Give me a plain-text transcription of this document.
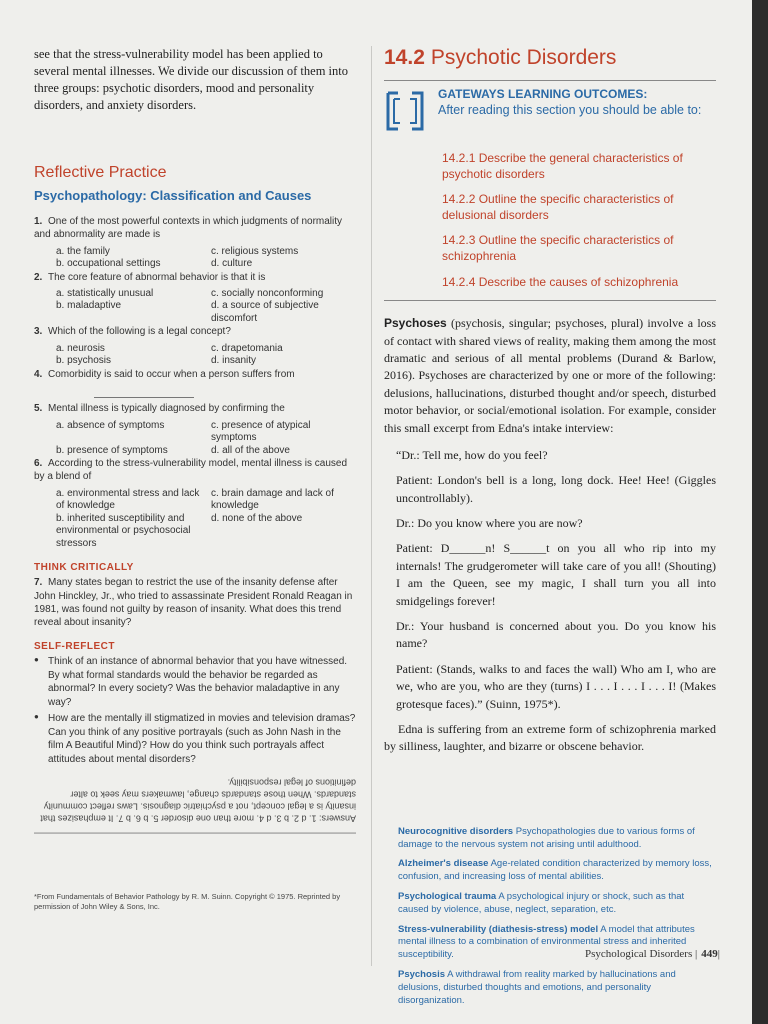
see that the stress-vulnerability model has been applied to several mental illnesses. We divide our discussion of them into three groups: psychotic disorders, mood and personality disorders, and anxiety disorders.

Reflective Practice
Psychopathology: Classification and Causes
1. One of the most powerful contexts in which judgments of normality and abnormality are made is
a. the family	c. religious systems
b. occupational settings	d. culture
2. The core feature of abnormal behavior is that it is
a. statistically unusual	c. socially nonconforming
b. maladaptive	d. a source of subjective discomfort
3. Which of the following is a legal concept?
a. neurosis	c. drapetomania
b. psychosis	d. insanity
4. Comorbidity is said to occur when a person suffers from
5. Mental illness is typically diagnosed by confirming the
a. absence of symptoms	c. presence of atypical symptoms
b. presence of symptoms	d. all of the above
6. According to the stress-vulnerability model, mental illness is caused by a blend of
a. environmental stress and lack of knowledge
c. brain damage and lack of knowledge
b. inherited susceptibility and environmental or psychosocial stressors
d. none of the above
THINK CRITICALLY
7. Many states began to restrict the use of the insanity defense after John Hinckley, Jr., who tried to assassinate President Ronald Reagan in 1981, was found not guilty by reason of insanity. What does this trend reveal about insanity?
SELF-REFLECT
● Think of an instance of abnormal behavior that you have witnessed. By what formal standards would the behavior be regarded as abnormal? In every society? Was the behavior maladaptive in any way?
● How are the mentally ill stigmatized in movies and television dramas? Can you think of any positive portrayals (such as John Nash in the film A Beautiful Mind)? How do you think such portrayals affect attitudes about mental disorders?
Answers: 1. d 2. b 3. d 4. more than one disorder 5. b 6. b 7. It emphasizes that insanity is a legal concept, not a psychiatric diagnosis. Laws reflect community standards. When those standards change, lawmakers may seek to alter definitions of legal responsibility.
*From Fundamentals of Behavior Pathology by R. M. Suinn. Copyright © 1975. Reprinted by permission of John Wiley & Sons, Inc.
14.2 Psychotic Disorders
GATEWAYS LEARNING OUTCOMES:
After reading this section you should be able to:
14.2.1 Describe the general characteristics of psychotic disorders
14.2.2 Outline the specific characteristics of delusional disorders
14.2.3 Outline the specific characteristics of schizophrenia
14.2.4 Describe the causes of schizophrenia

Psychoses (psychosis, singular; psychoses, plural) involve a loss of contact with shared views of reality, making them among the most dramatic and serious of all mental problems (Durand & Barlow, 2016). Psychoses are characterized by one or more of the following: delusions, hallucinations, disturbed thought and/or speech, disturbed motor behavior, or social/emotional isolation. For example, consider this small excerpt from Edna's intake interview:

“Dr.: Tell me, how do you feel?

Patient: London's bell is a long, long dock. Hee! Hee! (Giggles uncontrollably).

Dr.: Do you know where you are now?

Patient: D______n! S______t on you all who rip into my internals! The grudgerometer will take care of you all! (Shouting) I am the Queen, see my magic, I shall turn you all into smidgelings forever!

Dr.: Your husband is concerned about you. Do you know his name?

Patient: (Stands, walks to and faces the wall) Who am I, who are we, who are you, who are they (turns) I . . . I . . . I . . . I! (Makes grotesque faces).” (Suinn, 1975*).

Edna is suffering from an extreme form of schizophrenia marked by silliness, laughter, and bizarre or obscene behavior.

Neurocognitive disorders Psychopathologies due to various forms of damage to the nervous system not arising until adulthood.
Alzheimer's disease Age-related condition characterized by memory loss, confusion, and increasing loss of mental abilities.
Psychological trauma A psychological injury or shock, such as that caused by violence, abuse, neglect, separation, etc.
Stress-vulnerability (diathesis-stress) model A model that attributes mental illness to a combination of environmental stress and inherited susceptibility.
Psychosis A withdrawal from reality marked by hallucinations and delusions, disturbed thoughts and emotions, and personality disorganization.
Psychological Disorders | 449|
